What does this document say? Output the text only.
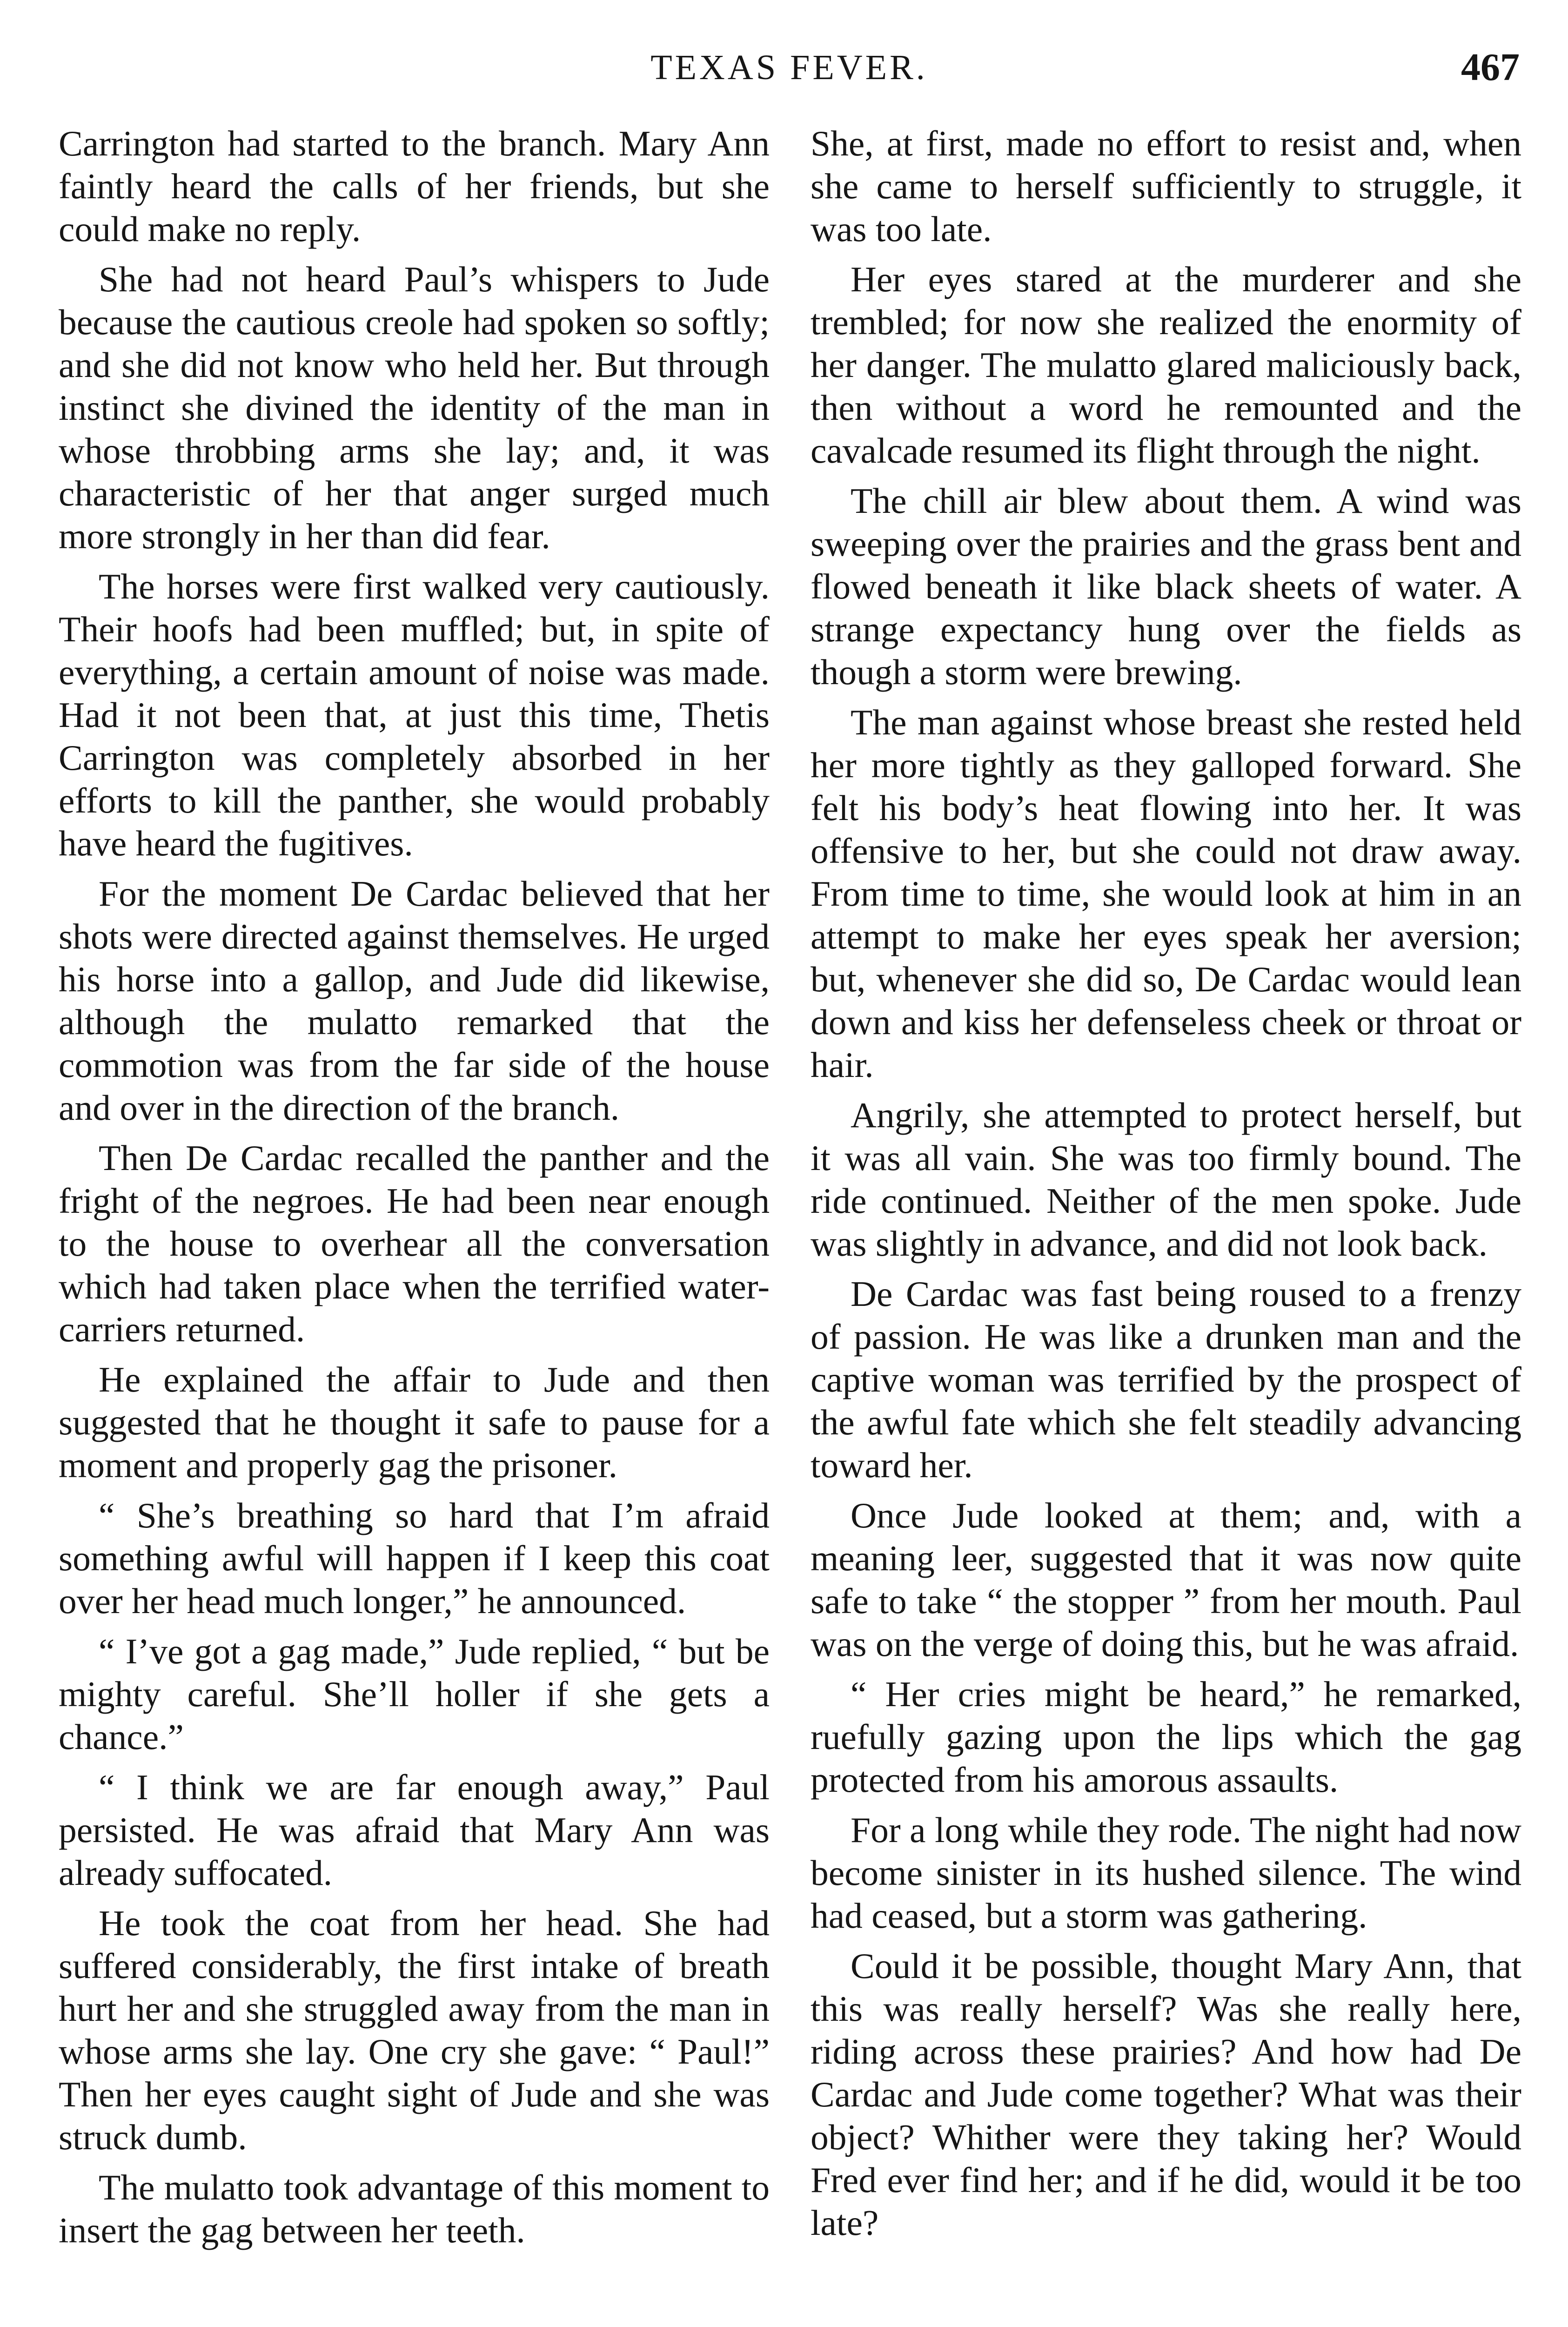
TEXAS FEVER.	467

Carrington had started to the branch. Mary Ann faintly heard the calls of her friends, but she could make no reply.

She had not heard Paul’s whispers to Jude because the cautious creole had spoken so softly; and she did not know who held her. But through instinct she divined the identity of the man in whose throbbing arms she lay; and, it was characteristic of her that anger surged much more strongly in her than did fear.

The horses were first walked very cautiously. Their hoofs had been muffled; but, in spite of everything, a certain amount of noise was made. Had it not been that, at just this time, Thetis Carrington was completely absorbed in her efforts to kill the panther, she would probably have heard the fugitives.

For the moment De Cardac believed that her shots were directed against themselves. He urged his horse into a gallop, and Jude did likewise, although the mulatto remarked that the commotion was from the far side of the house and over in the direction of the branch.

Then De Cardac recalled the panther and the fright of the negroes. He had been near enough to the house to overhear all the conversation which had taken place when the terrified water-carriers returned.

He explained the affair to Jude and then suggested that he thought it safe to pause for a moment and properly gag the prisoner.

“ She’s breathing so hard that I’m afraid something awful will happen if I keep this coat over her head much longer,” he announced.

“ I’ve got a gag made,” Jude replied, “ but be mighty careful. She’ll holler if she gets a chance.”

“ I think we are far enough away,” Paul persisted. He was afraid that Mary Ann was already suffocated.

He took the coat from her head. She had suffered considerably, the first intake of breath hurt her and she struggled away from the man in whose arms she lay. One cry she gave: “ Paul!” Then her eyes caught sight of Jude and she was struck dumb.

The mulatto took advantage of this moment to insert the gag between her teeth.

She, at first, made no effort to resist and, when she came to herself sufficiently to struggle, it was too late.

Her eyes stared at the murderer and she trembled; for now she realized the enormity of her danger. The mulatto glared maliciously back, then without a word he remounted and the cavalcade resumed its flight through the night.

The chill air blew about them. A wind was sweeping over the prairies and the grass bent and flowed beneath it like black sheets of water. A strange expectancy hung over the fields as though a storm were brewing.

The man against whose breast she rested held her more tightly as they galloped forward. She felt his body’s heat flowing into her. It was offensive to her, but she could not draw away. From time to time, she would look at him in an attempt to make her eyes speak her aversion; but, whenever she did so, De Cardac would lean down and kiss her defenseless cheek or throat or hair.

Angrily, she attempted to protect herself, but it was all vain. She was too firmly bound. The ride continued. Neither of the men spoke. Jude was slightly in advance, and did not look back.

De Cardac was fast being roused to a frenzy of passion. He was like a drunken man and the captive woman was terrified by the prospect of the awful fate which she felt steadily advancing toward her.

Once Jude looked at them; and, with a meaning leer, suggested that it was now quite safe to take “ the stopper ” from her mouth. Paul was on the verge of doing this, but he was afraid.

“ Her cries might be heard,” he remarked, ruefully gazing upon the lips which the gag protected from his amorous assaults.

For a long while they rode. The night had now become sinister in its hushed silence. The wind had ceased, but a storm was gathering.

Could it be possible, thought Mary Ann, that this was really herself? Was she really here, riding across these prairies? And how had De Cardac and Jude come together? What was their object? Whither were they taking her? Would Fred ever find her; and if he did, would it be too late?
